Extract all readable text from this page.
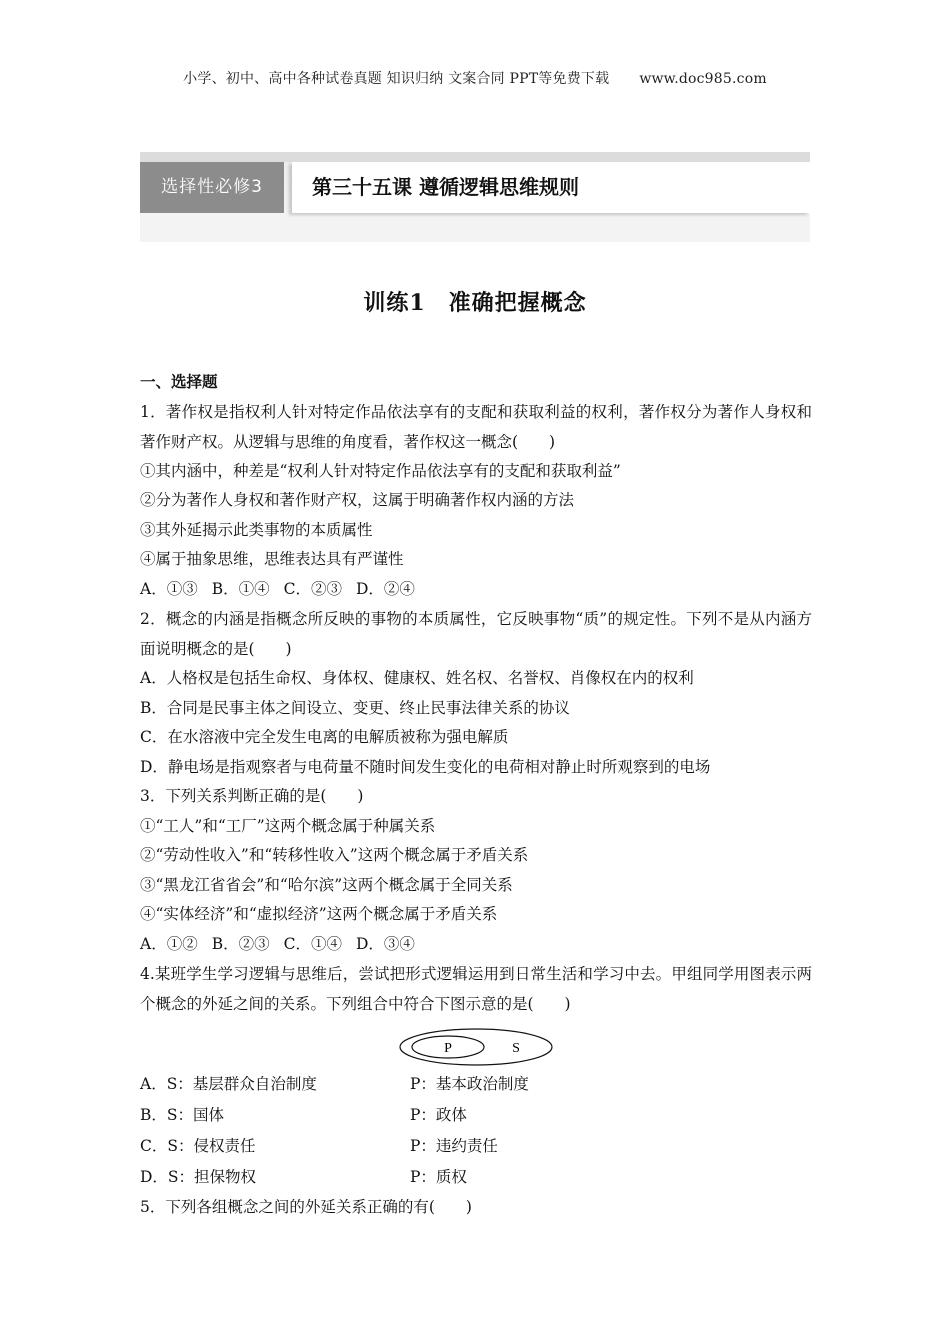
小学、初中、高中各种试卷真题 知识归纳 文案合同 PPT等免费下载 www.doc985.com
选择性必修3	第三十五课 遵循逻辑思维规则
训练1　准确把握概念
一、选择题
1．著作权是指权利人针对特定作品依法享有的支配和获取利益的权利，著作权分为著作人身权和著作财产权。从逻辑与思维的角度看，著作权这一概念(　　)
①其内涵中，种差是“权利人针对特定作品依法享有的支配和获取利益”
②分为著作人身权和著作财产权，这属于明确著作权内涵的方法
③其外延揭示此类事物的本质属性
④属于抽象思维，思维表达具有严谨性
A．①③ B．①④ C．②③ D．②④
2．概念的内涵是指概念所反映的事物的本质属性，它反映事物“质”的规定性。下列不是从内涵方面说明概念的是(　　)
A．人格权是包括生命权、身体权、健康权、姓名权、名誉权、肖像权在内的权利
B．合同是民事主体之间设立、变更、终止民事法律关系的协议
C．在水溶液中完全发生电离的电解质被称为强电解质
D．静电场是指观察者与电荷量不随时间发生变化的电荷相对静止时所观察到的电场
3．下列关系判断正确的是(　　)
①“工人”和“工厂”这两个概念属于种属关系
②“劳动性收入”和“转移性收入”这两个概念属于矛盾关系
③“黑龙江省省会”和“哈尔滨”这两个概念属于全同关系
④“实体经济”和“虚拟经济”这两个概念属于矛盾关系
A．①② B．②③ C．①④ D．③④
4.某班学生学习逻辑与思维后，尝试把形式逻辑运用到日常生活和学习中去。甲组同学用图表示两个概念的外延之间的关系。下列组合中符合下图示意的是(　　)
P	S
A．S：基层群众自治制度	P：基本政治制度
B．S：国体	P：政体
C．S：侵权责任	P：违约责任
D．S：担保物权	P：质权
5．下列各组概念之间的外延关系正确的有(　　)
